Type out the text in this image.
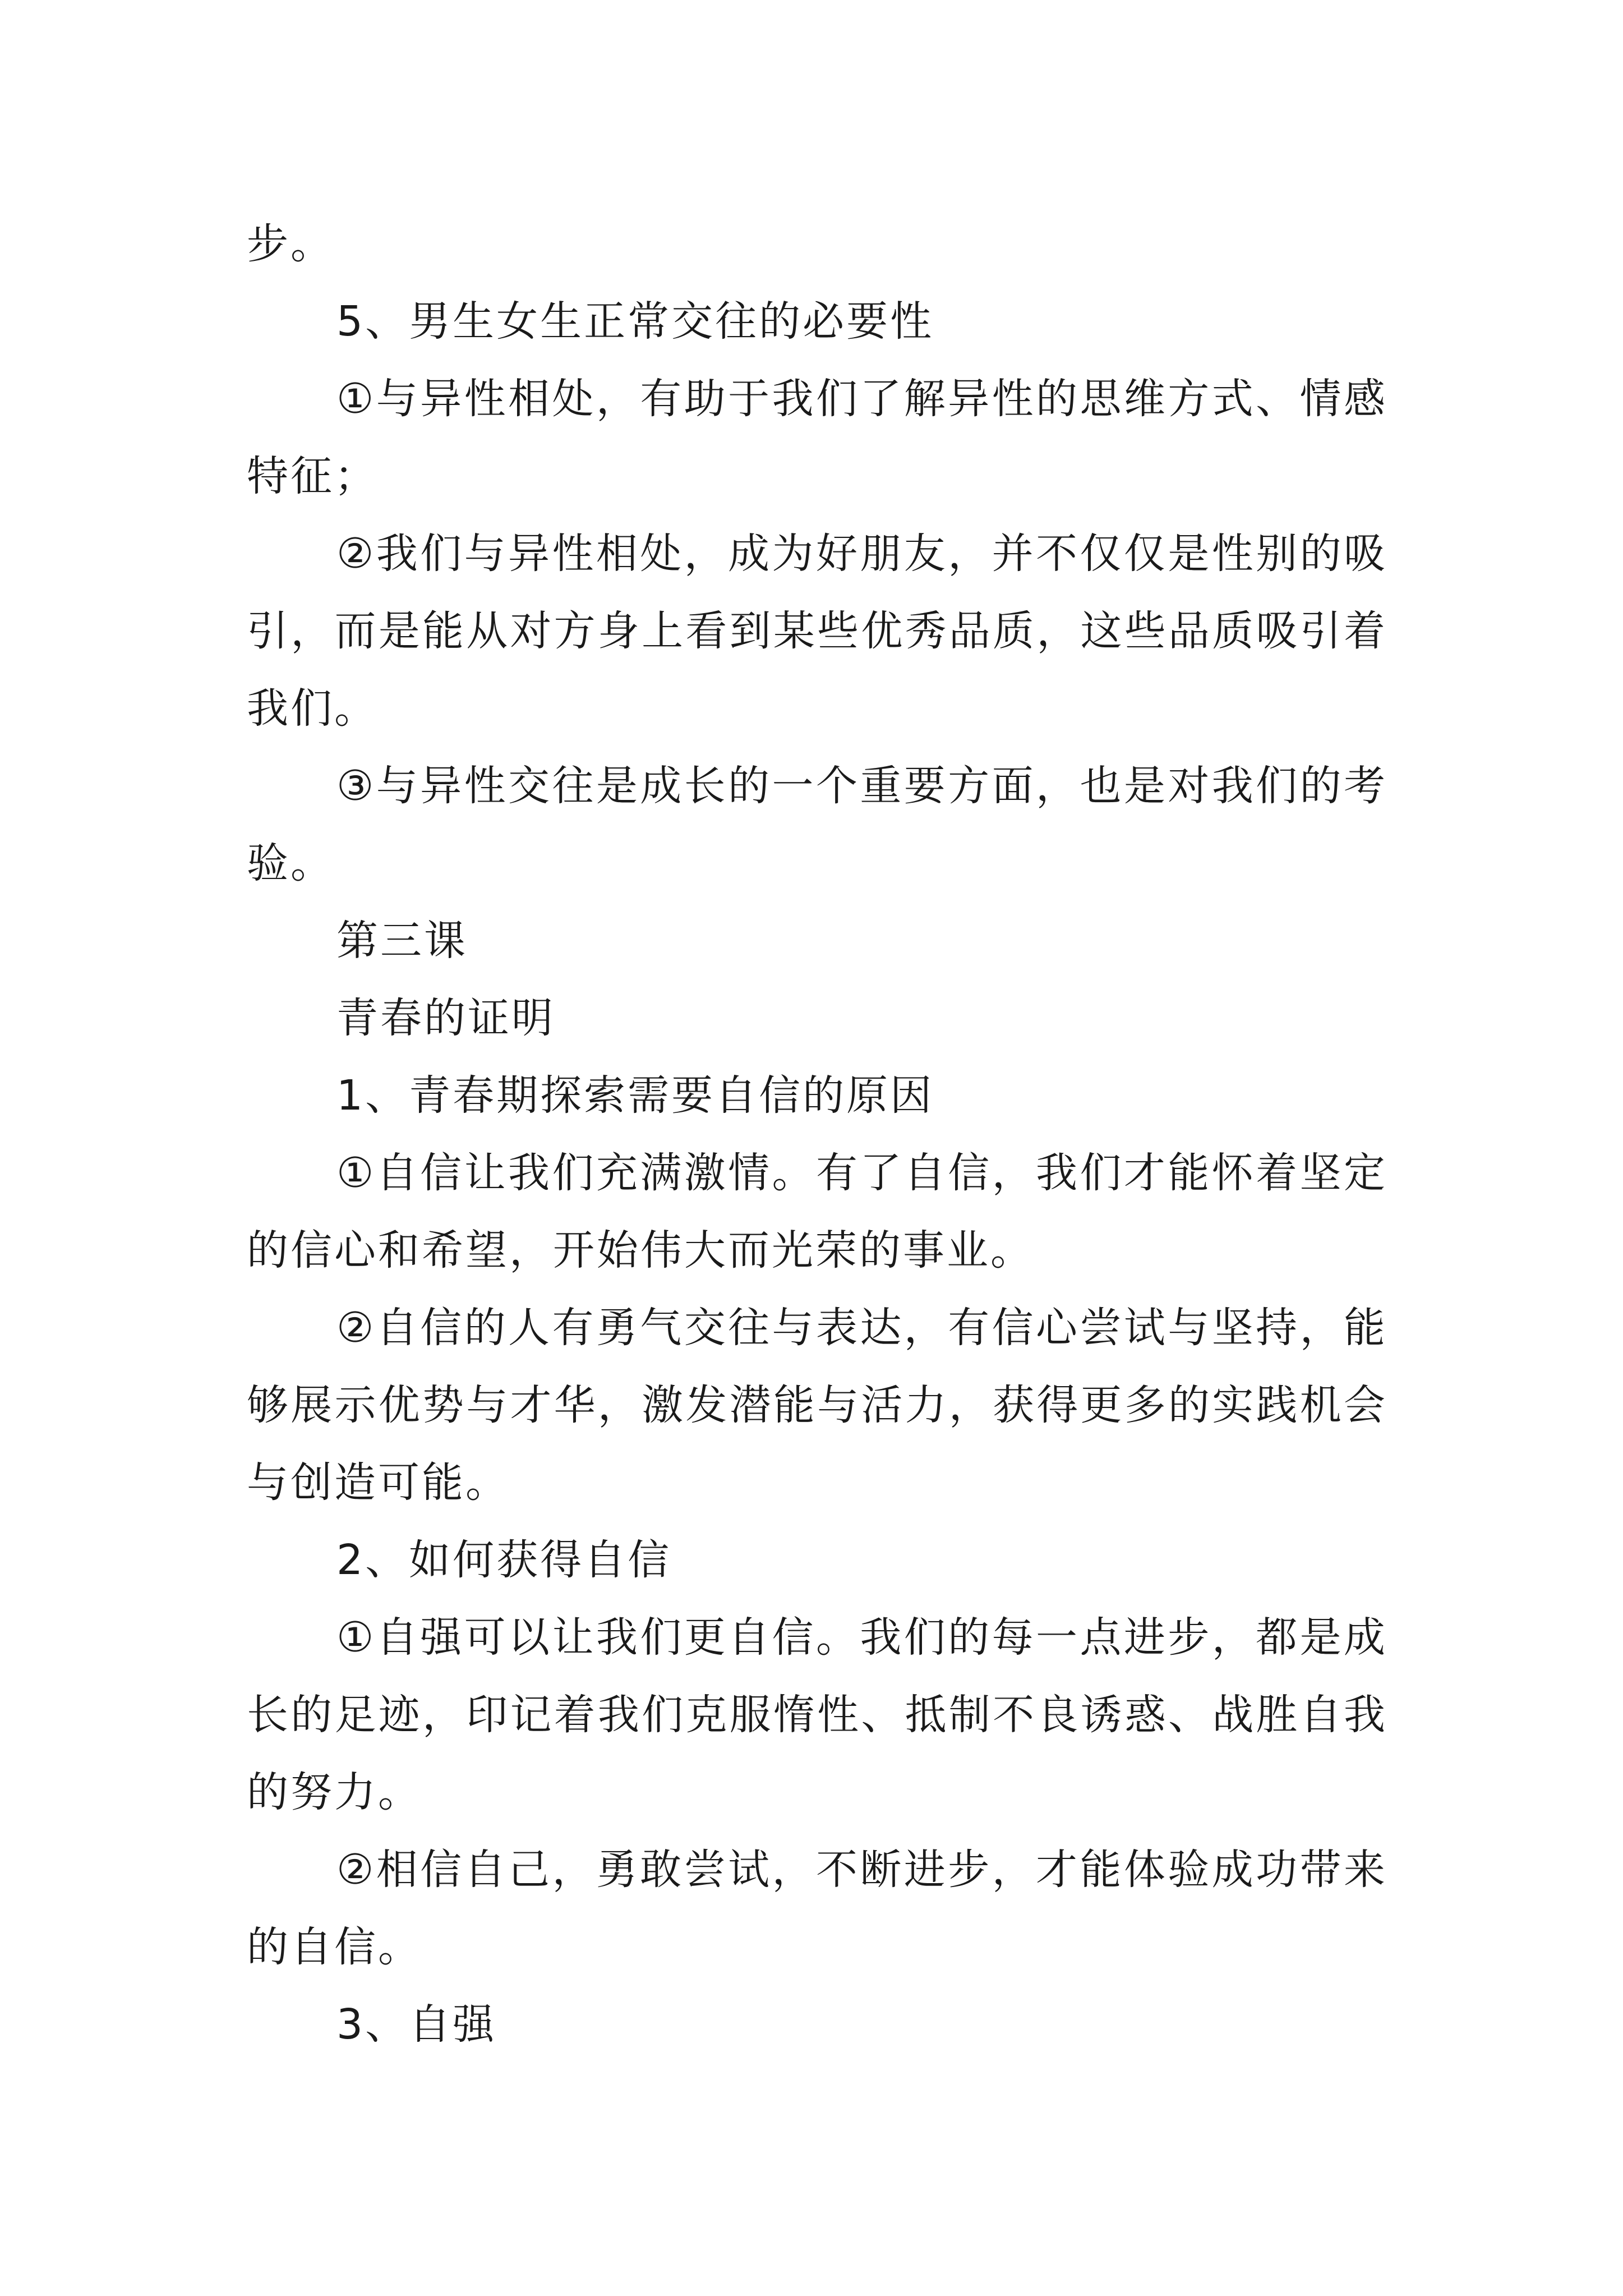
步。
5、男生女生正常交往的必要性
①与异性相处，有助于我们了解异性的思维方式、情感
特征；
②我们与异性相处，成为好朋友，并不仅仅是性别的吸
引，而是能从对方身上看到某些优秀品质，这些品质吸引着
我们。
③与异性交往是成长的一个重要方面，也是对我们的考
验。
第三课
青春的证明
1、青春期探索需要自信的原因
①自信让我们充满激情。有了自信，我们才能怀着坚定
的信心和希望，开始伟大而光荣的事业。
②自信的人有勇气交往与表达，有信心尝试与坚持，能
够展示优势与才华，激发潜能与活力，获得更多的实践机会
与创造可能。
2、如何获得自信
①自强可以让我们更自信。我们的每一点进步，都是成
长的足迹，印记着我们克服惰性、抵制不良诱惑、战胜自我
的努力。
②相信自己，勇敢尝试，不断进步，才能体验成功带来
的自信。
3、自强
